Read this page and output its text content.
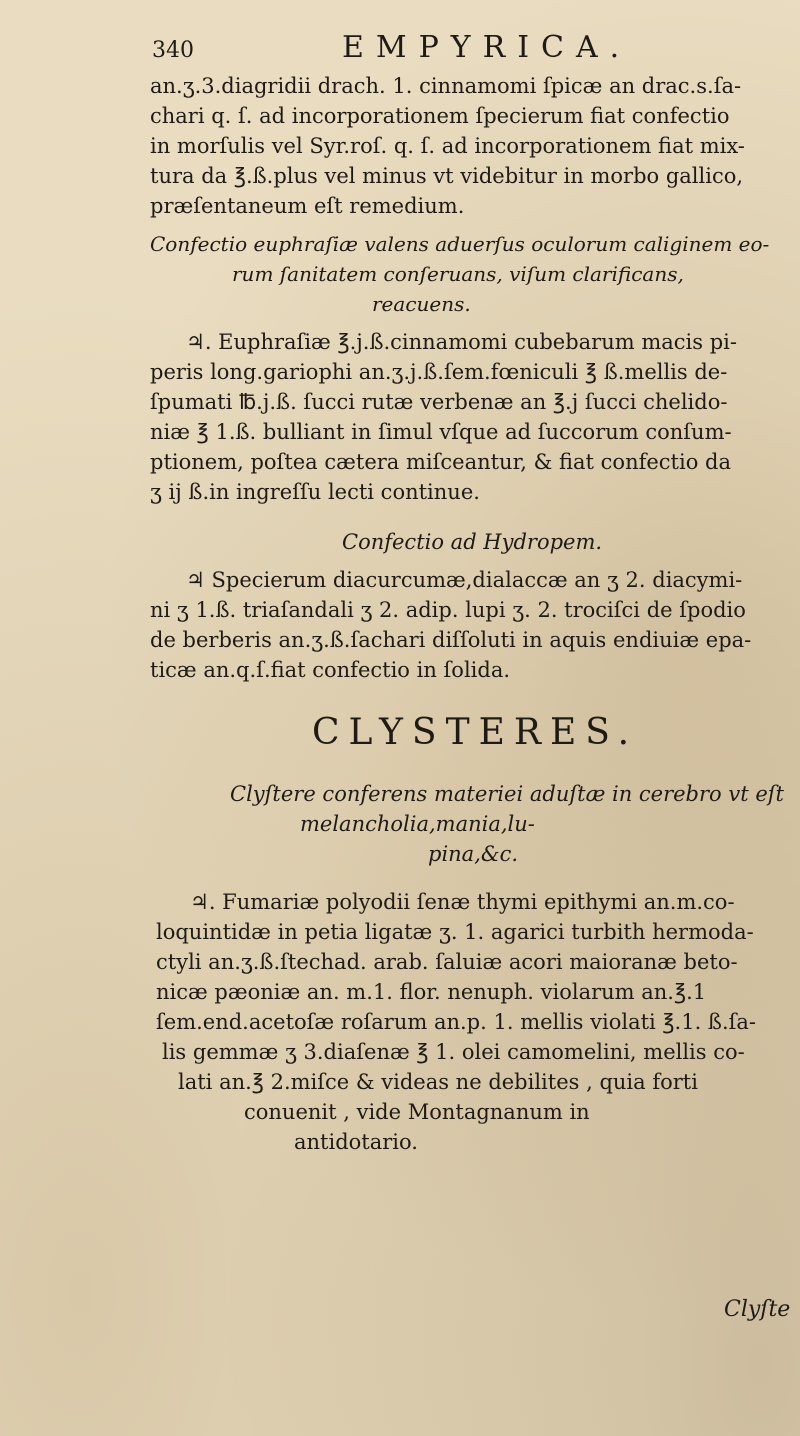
340	EMPYRICA.
an.ʒ.3.diagridii drach. 1. cinnamomi ſpicæ an drac.s.ſa-
chari q. ſ. ad incorporationem ſpecierum fiat confectio
in morſulis vel Syr.roſ. q. ſ. ad incorporationem fiat mix-
tura da ℥.ß.plus vel minus vt videbitur in morbo gallico,
præſentaneum eſt remedium.
Confectio euphraſiæ valens aduerſus oculorum caliginem eo-
rum ſanitatem conſeruans, viſum clarificans,
reacuens.
♃. Euphraſiæ ℥.j.ß.cinnamomi cubebarum macis pi-
peris long.gariophi an.ʒ.j.ß.ſem.fœniculi ℥ ß.mellis de-
ſpumati ℔.j.ß. ſucci rutæ verbenæ an ℥.j ſucci chelido-
niæ ℥ 1.ß. bulliant in ſimul vſque ad ſuccorum conſum-
ptionem, poſtea cætera miſceantur, & fiat confectio da
ʒ ij ß.in ingreſſu lecti continue.
Confectio ad Hydropem.
♃ Specierum diacurcumæ,dialaccæ an ʒ 2. diacymi-
ni ʒ 1.ß. triaſandali ʒ 2. adip. lupi ʒ. 2. trociſci de ſpodio
de berberis an.ʒ.ß.ſachari diſſoluti in aquis endiuiæ epa-
ticæ an.q.ſ.fiat confectio in ſolida.
CLYSTERES.
Clyſtere conferens materiei aduſtæ in cerebro vt eſt
melancholia,mania,lu-
pina,&c.
♃. Fumariæ polyodii ſenæ thymi epithymi an.m.co-
loquintidæ in petia ligatæ ʒ. 1. agarici turbith hermoda-
ctyli an.ʒ.ß.ſtechad. arab. ſaluiæ acori maioranæ beto-
nicæ pæoniæ an. m.1. flor. nenuph. violarum an.℥.1
ſem.end.acetoſæ roſarum an.p. 1. mellis violati ℥.1. ß.ſa-
lis gemmæ ʒ 3.diaſenæ ℥ 1. olei camomelini, mellis co-
lati an.℥ 2.miſce & videas ne debilites , quia forti
conuenit , vide Montagnanum in
antidotario.
Clyſte
